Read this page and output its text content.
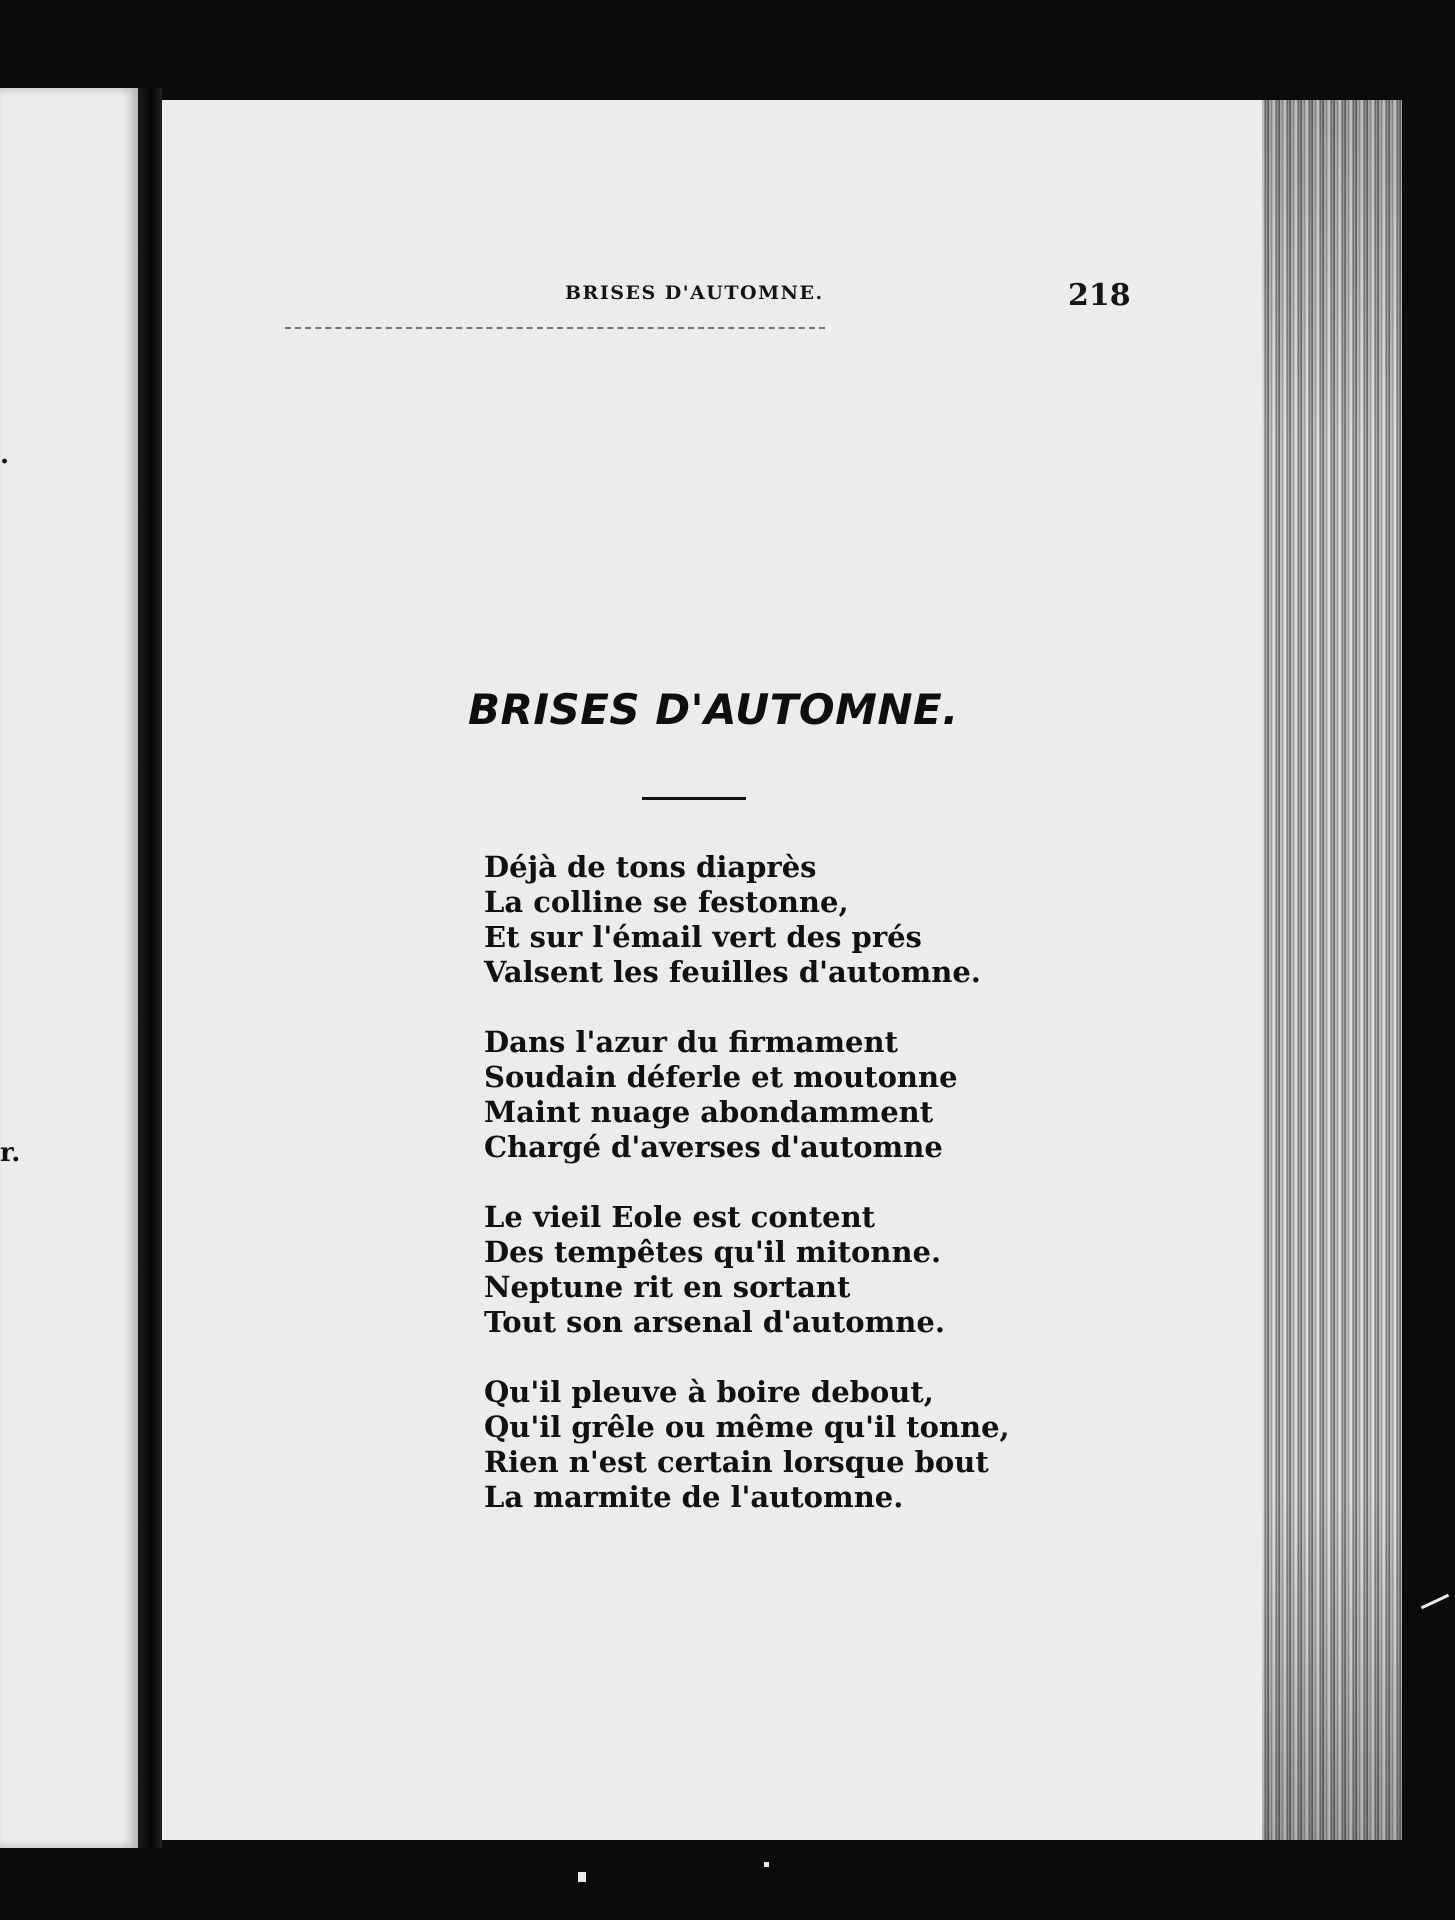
.
r.
BRISES D'AUTOMNE.	218
BRISES D'AUTOMNE.
Déjà de tons diaprès
La colline se festonne,
Et sur l'émail vert des prés
Valsent les feuilles d'automne.
Dans l'azur du firmament
Soudain déferle et moutonne
Maint nuage abondamment
Chargé d'averses d'automne
Le vieil Eole est content
Des tempêtes qu'il mitonne.
Neptune rit en sortant
Tout son arsenal d'automne.
Qu'il pleuve à boire debout,
Qu'il grêle ou même qu'il tonne,
Rien n'est certain lorsque bout
La marmite de l'automne.
